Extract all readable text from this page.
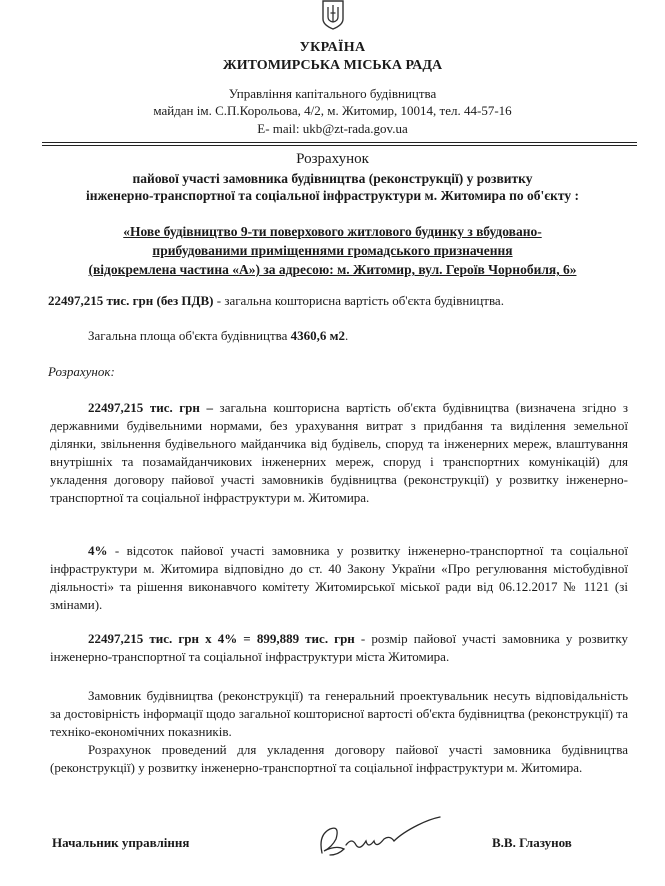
УКРАЇНА
ЖИТОМИРСЬКА МІСЬКА РАДА
Управління капітального будівництва
майдан ім. С.П.Корольова, 4/2, м. Житомир, 10014, тел. 44-57-16
E- mail: ukb@zt-rada.gov.ua
Розрахунок
пайової участі замовника будівництва (реконструкції) у розвитку
інженерно-транспортної та соціальної інфраструктури м. Житомира по об'єкту :
«Нове будівництво 9-ти поверхового житлового будинку з вбудовано-
прибудованими приміщеннями громадського призначення
(відокремлена частина «А») за адресою: м. Житомир, вул. Героїв Чорнобиля, 6»
22497,215 тис. грн (без ПДВ) - загальна кошторисна вартість об'єкта будівництва.
Загальна площа об'єкта будівництва 4360,6 м2.
Розрахунок:
22497,215 тис. грн – загальна кошторисна вартість об'єкта будівництва (визначена згідно з державними будівельними нормами, без урахування витрат з придбання та виділення земельної ділянки, звільнення будівельного майданчика від будівель, споруд та інженерних мереж, влаштування внутрішніх та позамайданчикових інженерних мереж, споруд і транспортних комунікацій) для укладення договору пайової участі замовників будівництва (реконструкції) у розвитку інженерно-транспортної та соціальної інфраструктури м. Житомира.
4% - відсоток пайової участі замовника у розвитку інженерно-транспортної та соціальної інфраструктури м. Житомира відповідно до ст. 40 Закону України «Про регулювання містобудівної діяльності» та рішення виконавчого комітету Житомирської міської ради від 06.12.2017 № 1121 (зі змінами).
22497,215 тис. грн х 4% = 899,889 тис. грн - розмір пайової участі замовника у розвитку інженерно-транспортної та соціальної інфраструктури міста Житомира.
Замовник будівництва (реконструкції) та генеральний проектувальник несуть відповідальність за достовірність інформації щодо загальної кошторисної вартості об'єкта будівництва (реконструкції) та техніко-економічних показників.
Розрахунок проведений для укладення договору пайової участі замовника будівництва (реконструкції) у розвитку інженерно-транспортної та соціальної інфраструктури м. Житомира.
Начальник управління	В.В. Глазунов
